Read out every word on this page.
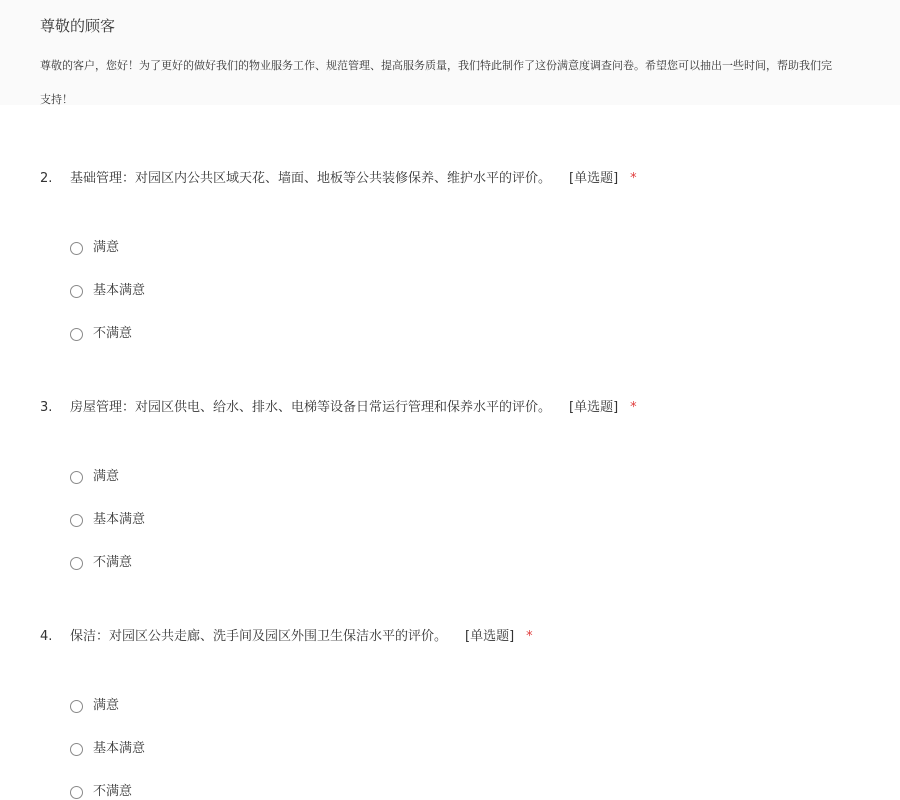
尊敬的顾客
尊敬的客户，您好！为了更好的做好我们的物业服务工作、规范管理、提高服务质量，我们特此制作了这份满意度调查问卷。希望您可以抽出一些时间，帮助我们完
支持！
2. 基础管理：对园区内公共区域天花、墙面、地板等公共装修保养、维护水平的评价。 [单选题] *
满意
基本满意
不满意
3. 房屋管理：对园区供电、给水、排水、电梯等设备日常运行管理和保养水平的评价。 [单选题] *
满意
基本满意
不满意
4. 保洁：对园区公共走廊、洗手间及园区外围卫生保洁水平的评价。 [单选题] *
满意
基本满意
不满意
